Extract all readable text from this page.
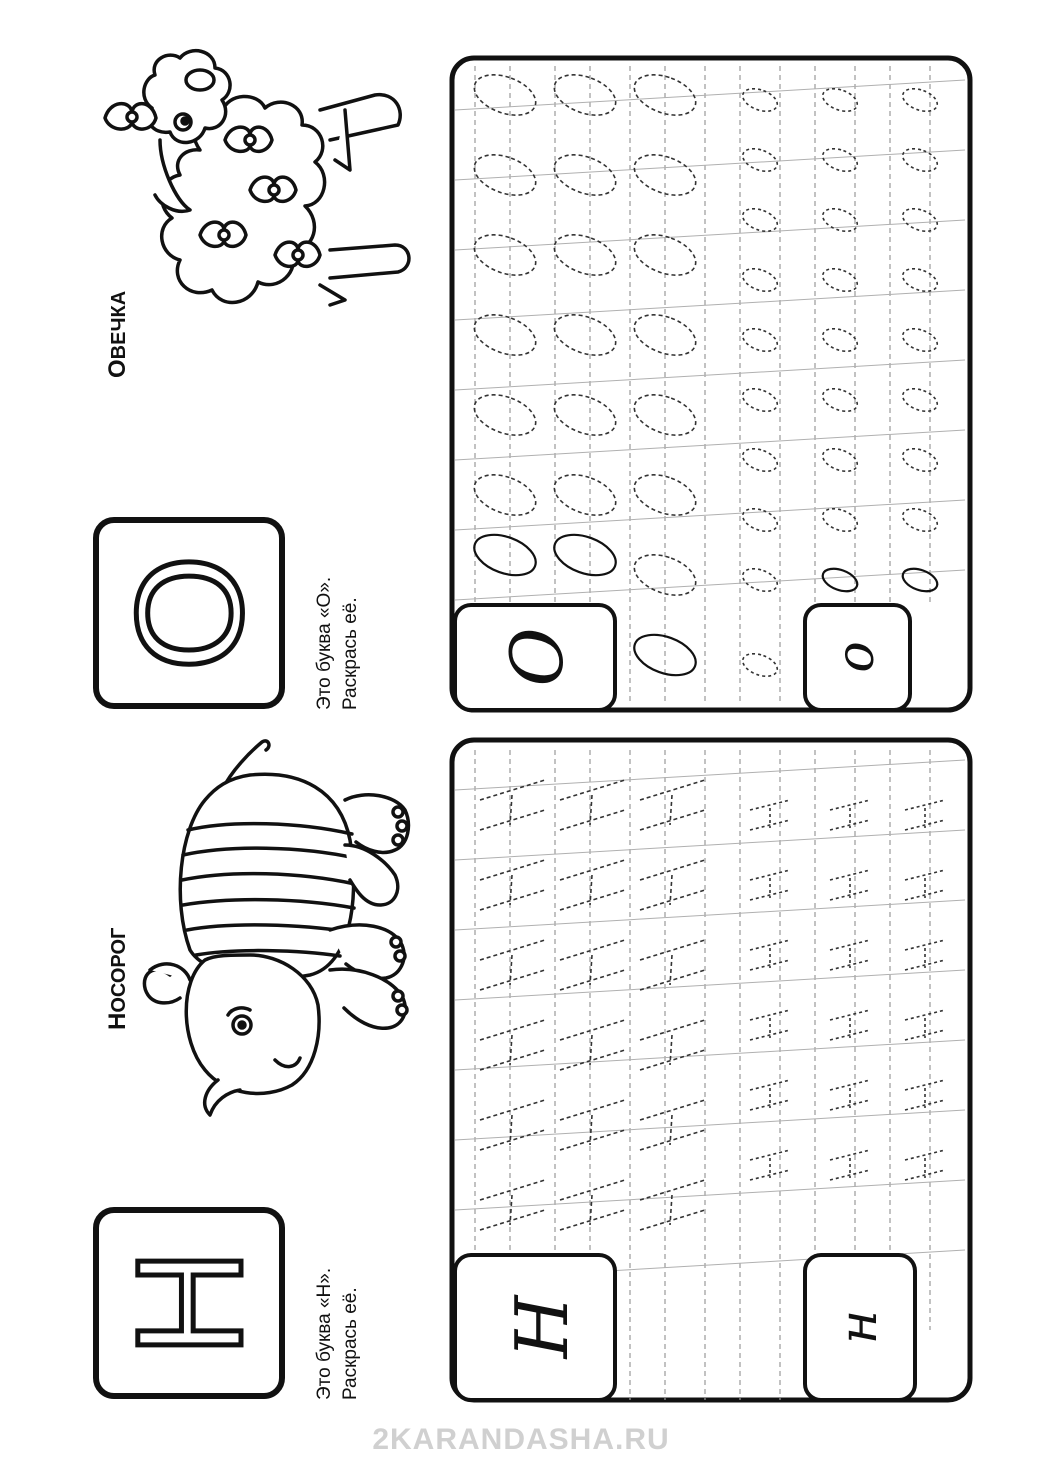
Н Это буква «Н». Раскрась её.
НОСОРОГ
О Это буква «О». Раскрась её.
ОВЕЧКА
Н	н
О	о
2KARANDASHA.RU
